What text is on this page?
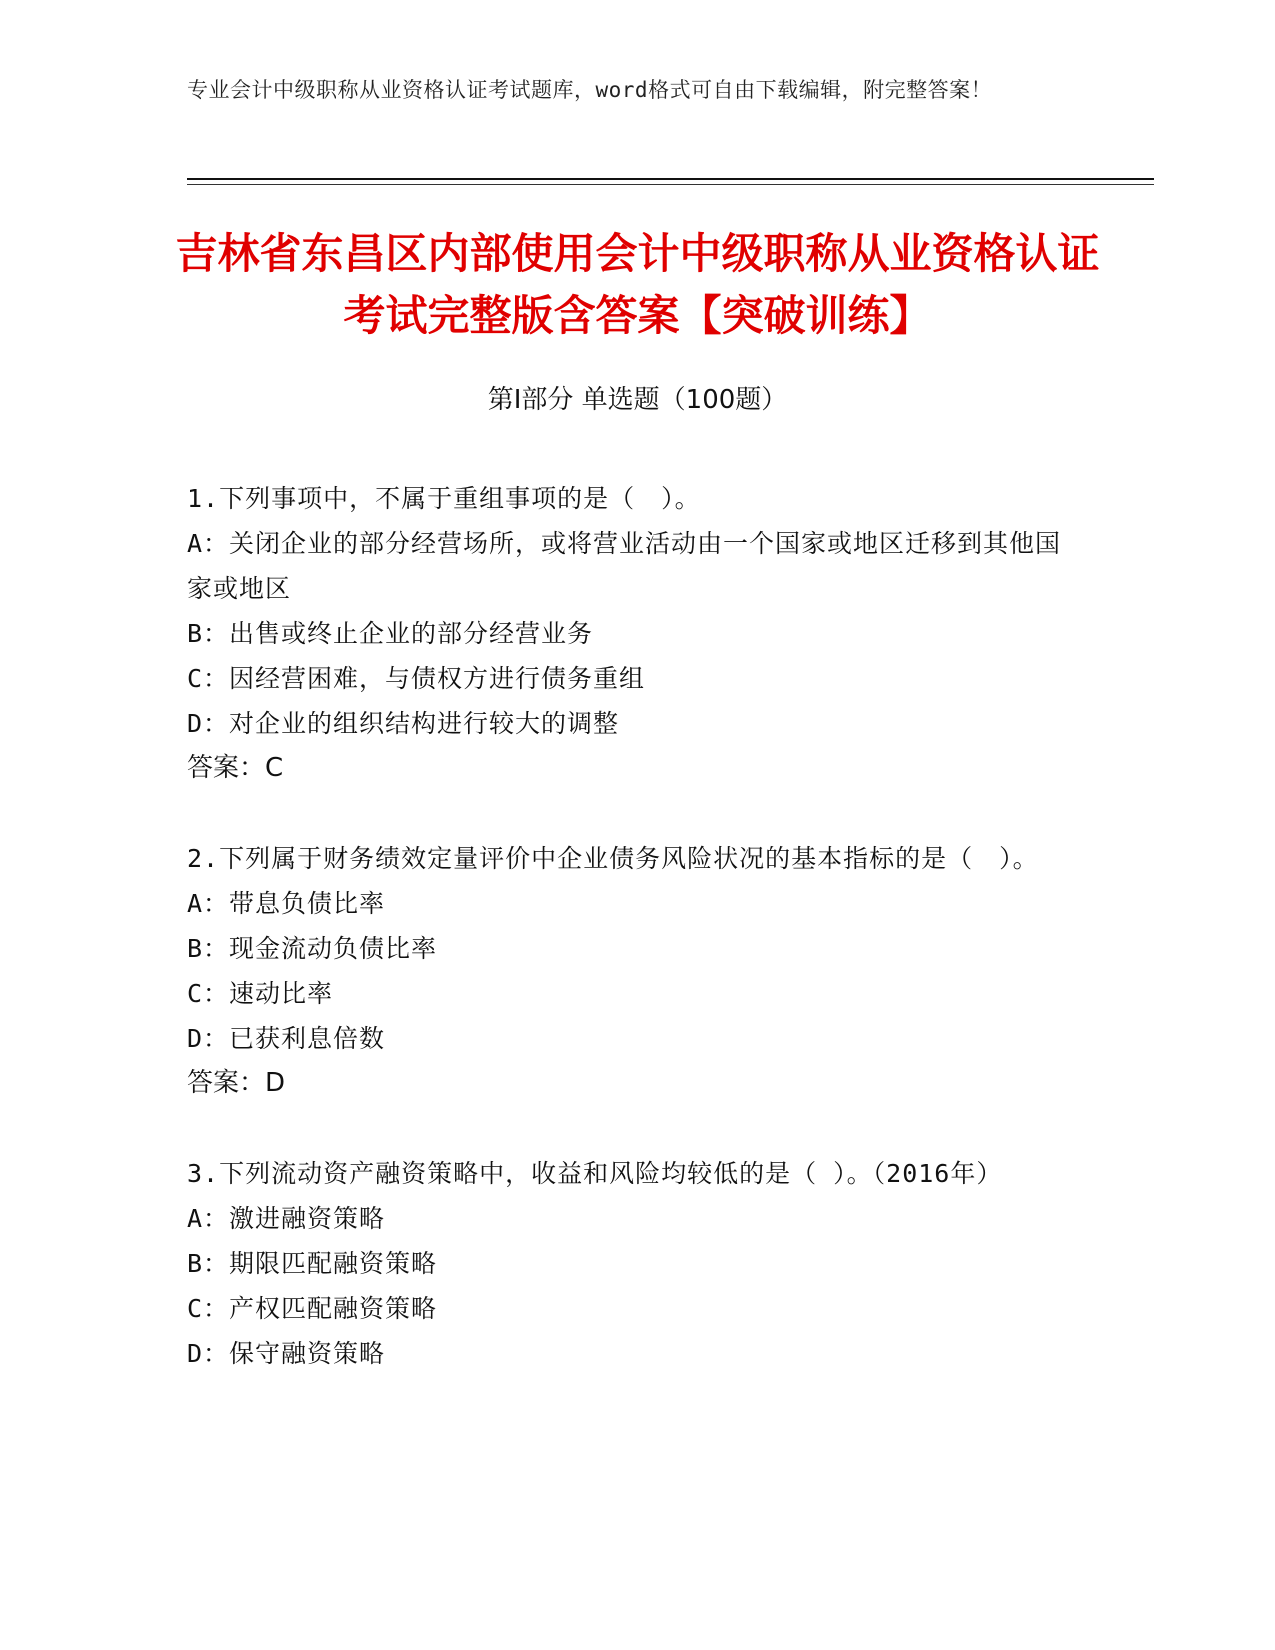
专业会计中级职称从业资格认证考试题库，word格式可自由下载编辑，附完整答案！
吉林省东昌区内部使用会计中级职称从业资格认证考试完整版含答案【突破训练】
第Ⅰ部分 单选题（100题）
1.下列事项中，不属于重组事项的是（　）。
A：关闭企业的部分经营场所，或将营业活动由一个国家或地区迁移到其他国家或地区
B：出售或终止企业的部分经营业务
C：因经营困难，与债权方进行债务重组
D：对企业的组织结构进行较大的调整
答案：C
2.下列属于财务绩效定量评价中企业债务风险状况的基本指标的是（　）。
A：带息负债比率
B：现金流动负债比率
C：速动比率
D：已获利息倍数
答案：D
3.下列流动资产融资策略中，收益和风险均较低的是（ ）。（2016年）
A：激进融资策略
B：期限匹配融资策略
C：产权匹配融资策略
D：保守融资策略
